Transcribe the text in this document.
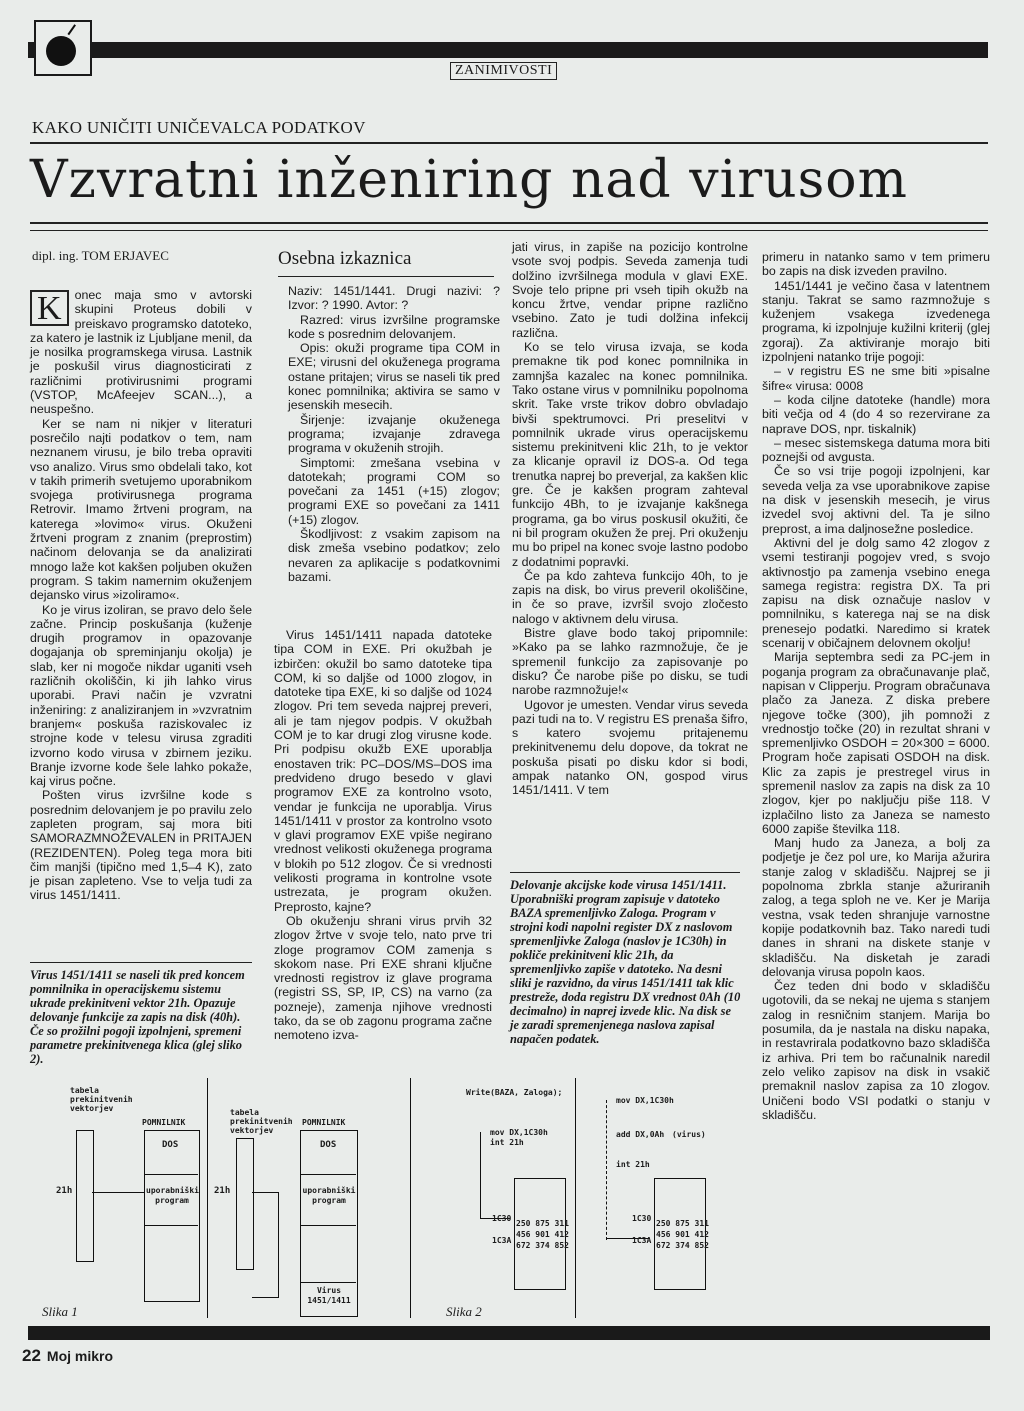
ZANIMIVOSTI
KAKO UNIČITI UNIČEVALCA PODATKOV
Vzvratni inženiring nad virusom
dipl. ing. TOM ERJAVEC

K	onec maja smo v avtorski skupini Proteus dobili v preiskavo programsko datoteko, za katero je lastnik iz Ljubljane menil, da je nosilka programskega virusa. Lastnik je poskušil virus diagnosticirati z različnimi protivirusnimi programi (VSTOP, McAfeejev SCAN...), a neuspešno.

Ker se nam ni nikjer v literaturi posrečilo najti podatkov o tem, nam neznanem virusu, je bilo treba opraviti vso analizo. Virus smo obdelali tako, kot v takih primerih svetujemo uporabnikom svojega protivirusnega programa Retrovir. Imamo žrtveni program, na katerega »lovimo« virus. Okuženi žrtveni program z znanim (preprostim) načinom delovanja se da analizirati mnogo laže kot kakšen poljuben okužen program. S takim namernim okuženjem dejansko virus »izoliramo«.

Ko je virus izoliran, se pravo delo šele začne. Princip poskušanja (kuženje drugih programov in opazovanje dogajanja ob spreminjanju okolja) je slab, ker ni mogoče nikdar uganiti vseh različnih okoliščin, ki jih lahko virus uporabi. Pravi način je vzvratni inženiring: z analiziranjem in »vzvratnim branjem« poskuša raziskovalec iz strojne kode v telesu virusa zgraditi izvorno kodo virusa v zbirnem jeziku. Branje izvorne kode šele lahko pokaže, kaj virus počne.

Pošten virus izvršilne kode s posrednim delovanjem je po pravilu zelo zapleten program, saj mora biti SAMORAZMNOŽEVALEN in PRITAJEN (REZIDENTEN). Poleg tega mora biti čim manjši (tipično med 1,5–4 K), zato je pisan zapleteno. Vse to velja tudi za virus 1451/1411.

Virus 1451/1411 se naseli tik pred koncem pomnilnika in operacijskemu sistemu ukrade prekinitveni vektor 21h. Opazuje delovanje funkcije za zapis na disk (40h). Če so prožilni pogoji izpolnjeni, spremeni parametre prekinitvenega klica (glej sliko 2).
Osebna izkaznica

Naziv: 1451/1441. Drugi nazivi: ? Izvor: ? 1990. Avtor: ?

Razred: virus izvršilne programske kode s posrednim delovanjem.

Opis: okuži programe tipa COM in EXE; virusni del okuženega programa ostane pritajen; virus se naseli tik pred konec pomnilnika; aktivira se samo v jesenskih mesecih.

Širjenje: izvajanje okuženega programa; izvajanje zdravega programa v okuženih strojih.

Simptomi: zmešana vsebina v datotekah; programi COM so povečani za 1451 (+15) zlogov; programi EXE so povečani za 1411 (+15) zlogov.

Škodljivost: z vsakim zapisom na disk zmeša vsebino podatkov; zelo nevaren za aplikacije s podatkovnimi bazami.

Virus 1451/1411 napada datoteke tipa COM in EXE. Pri okužbah je izbirčen: okužil bo samo datoteke tipa COM, ki so daljše od 1000 zlogov, in datoteke tipa EXE, ki so daljše od 1024 zlogov. Pri tem seveda najprej preveri, ali je tam njegov podpis. V okužbah COM je to kar drugi zlog virusne kode. Pri podpisu okužb EXE uporablja enostaven trik: PC–DOS/MS–DOS ima predvideno drugo besedo v glavi programov EXE za kontrolno vsoto, vendar je funkcija ne uporablja. Virus 1451/1411 v prostor za kontrolno vsoto v glavi programov EXE vpiše negirano vrednost velikosti okuženega programa v blokih po 512 zlogov. Če si vrednosti velikosti programa in kontrolne vsote ustrezata, je program okužen. Preprosto, kajne?

Ob okuženju shrani virus prvih 32 zlogov žrtve v svoje telo, nato prve tri zloge programov COM zamenja s skokom nase. Pri EXE shrani ključne vrednosti registrov iz glave programa (registri SS, SP, IP, CS) na varno (za pozneje), zamenja njihove vrednosti tako, da se ob zagonu programa začne nemoteno izva-

jati virus, in zapiše na pozicijo kontrolne vsote svoj podpis. Seveda zamenja tudi dolžino izvršilnega modula v glavi EXE. Svoje telo pripne pri vseh tipih okužb na koncu žrtve, vendar pripne različno vsebino. Zato je tudi dolžina infekcij različna.

Ko se telo virusa izvaja, se koda premakne tik pod konec pomnilnika in zamnjša kazalec na konec pomnilnika. Tako ostane virus v pomnilniku popolnoma skrit. Take vrste trikov dobro obvladajo bivši spektrumovci. Pri preselitvi v pomnilnik ukrade virus operacijskemu sistemu prekinitveni klic 21h, to je vektor za klicanje opravil iz DOS-a. Od tega trenutka naprej bo preverjal, za kakšen klic gre. Če je kakšen program zahteval funkcijo 4Bh, to je izvajanje kakšnega programa, ga bo virus poskusil okužiti, če ni bil program okužen že prej. Pri okuženju mu bo pripel na konec svoje lastno podobo z dodatnimi popravki.

Če pa kdo zahteva funkcijo 40h, to je zapis na disk, bo virus preveril okoliščine, in če so prave, izvršil svojo zločesto nalogo v aktivnem delu virusa.

Bistre glave bodo takoj pripomnile: »Kako pa se lahko razmnožuje, če je spremenil funkcijo za zapisovanje po disku? Če narobe piše po disku, se tudi narobe razmnožuje!«

Ugovor je umesten. Vendar virus seveda pazi tudi na to. V registru ES prenaša šifro, s katero svojemu pritajenemu prekinitvenemu delu dopove, da tokrat ne poskuša pisati po disku kdor si bodi, ampak natanko ON, gospod virus 1451/1411. V tem

Delovanje akcijske kode virusa 1451/1411. Uporabniški program zapisuje v datoteko BAZA spremenljivko Zaloga. Program v strojni kodi napolni register DX z naslovom spremenljivke Zaloga (naslov je 1C30h) in pokliče prekinitveni klic 21h, da spremenljivko zapiše v datoteko. Na desni sliki je razvidno, da virus 1451/1411 tak klic prestreže, doda registru DX vrednost 0Ah (10 decimalno) in naprej izvede klic. Na disk se je zaradi spremenjenega naslova zapisal napačen podatek.

primeru in natanko samo v tem primeru bo zapis na disk izveden pravilno.

1451/1441 je večino časa v latentnem stanju. Takrat se samo razmnožuje s kuženjem vsakega izvedenega programa, ki izpolnjuje kužilni kriterij (glej zgoraj). Za aktiviranje morajo biti izpolnjeni natanko trije pogoji:

– v registru ES ne sme biti »pisalne šifre« virusa: 0008

– koda ciljne datoteke (handle) mora biti večja od 4 (do 4 so rezervirane za naprave DOS, npr. tiskalnik)

– mesec sistemskega datuma mora biti poznejši od avgusta.

Če so vsi trije pogoji izpolnjeni, kar seveda velja za vse uporabnikove zapise na disk v jesenskih mesecih, je virus izvedel svoj aktivni del. Ta je silno preprost, a ima daljnosežne posledice.

Aktivni del je dolg samo 42 zlogov z vsemi testiranji pogojev vred, s svojo aktivnostjo pa zamenja vsebino enega samega registra: registra DX. Ta pri zapisu na disk označuje naslov v pomnilniku, s katerega naj se na disk prenesejo podatki. Naredimo si kratek scenarij v običajnem delovnem okolju!

Marija septembra sedi za PC-jem in poganja program za obračunavanje plač, napisan v Clipperju. Program obračunava plačo za Janeza. Z diska prebere njegove točke (300), jih pomnoži z vrednostjo točke (20) in rezultat shrani v spremenljivko OSDOH = 20×300 = 6000. Program hoče zapisati OSDOH na disk. Klic za zapis je prestregel virus in spremenil naslov za zapis na disk za 10 zlogov, kjer po naključju piše 118. V izplačilno listo za Janeza se namesto 6000 zapiše številka 118.

Manj hudo za Janeza, a bolj za podjetje je čez pol ure, ko Marija ažurira stanje zalog v skladišču. Najprej se ji popolnoma zbrkla stanje ažuriranih zalog, a tega sploh ne ve. Ker je Marija vestna, vsak teden shranjuje varnostne kopije podatkovnih baz. Tako naredi tudi danes in shrani na diskete stanje v skladišču. Na disketah je zaradi delovanja virusa popoln kaos.

Čez teden dni bodo v skladišču ugotovili, da se nekaj ne ujema s stanjem zalog in resničnim stanjem. Marija bo posumila, da je nastala na disku napaka, in restavrirala podatkovno bazo skladišča iz arhiva. Pri tem bo računalnik naredil zelo veliko zapisov na disk in vsakič premaknil naslov zapisa za 10 zlogov. Uničeni bodo VSI podatki o stanju v skladišču.

tabela prekinitvenih vektorjev
POMNILNIK
21h
DOS
uporabniški program
tabela prekinitvenih vektorjev
POMNILNIK
21h
DOS
uporabniški program
Virus 1451/1411
Slika 1
Write(BAZA, Zaloga);
mov DX,1C30h
int 21h
1C30
1C3A
250 875 311
456 901 412
672 374 852
mov DX,1C30h
add DX,0Ah (virus)
int 21h
1C30
1C3A
250 875 311
456 901 412
672 374 852
Slika 2
22 Moj mikro
